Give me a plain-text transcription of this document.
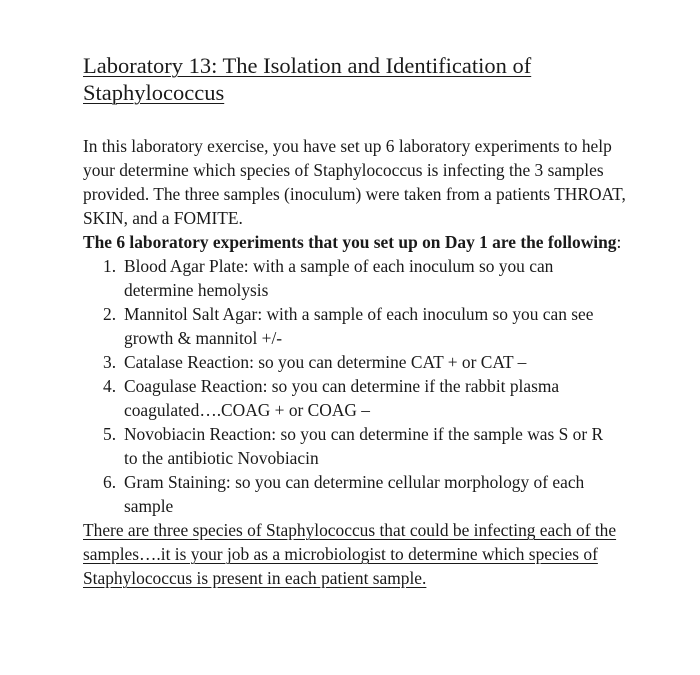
Laboratory 13: The Isolation and Identification of Staphylococcus
In this laboratory exercise, you have set up 6 laboratory experiments to help your determine which species of Staphylococcus is infecting the 3 samples provided. The three samples (inoculum) were taken from a patients THROAT, SKIN, and a FOMITE.
The 6 laboratory experiments that you set up on Day 1 are the following:
1. Blood Agar Plate: with a sample of each inoculum so you can determine hemolysis
2. Mannitol Salt Agar: with a sample of each inoculum so you can see growth & mannitol +/-
3. Catalase Reaction: so you can determine CAT + or CAT –
4. Coagulase Reaction: so you can determine if the rabbit plasma coagulated….COAG + or COAG –
5. Novobiacin Reaction: so you can determine if the sample was S or R to the antibiotic Novobiacin
6. Gram Staining: so you can determine cellular morphology of each sample
There are three species of Staphylococcus that could be infecting each of the samples….it is your job as a microbiologist to determine which species of Staphylococcus is present in each patient sample.
